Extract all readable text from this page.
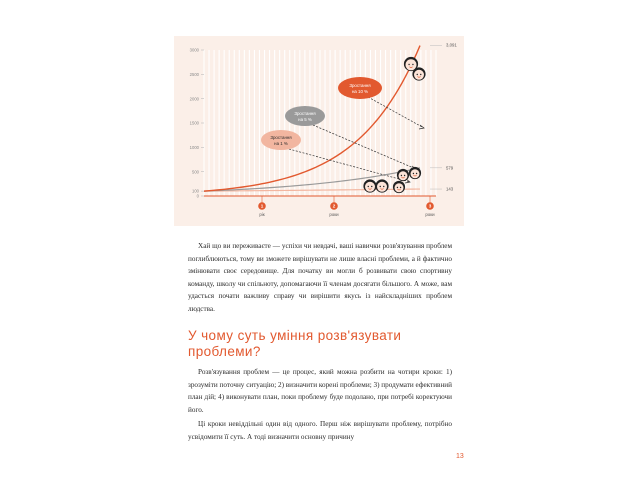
0
100
500
1000
1500
2000
2500
3000
Зростання
на 10 %
Зростання
на 5 %
Зростання
на 1 %
1
рік
2
роки
3
роки
3,091
579
143

Хай що ви переживаєте — успіхи чи невдачі, ваші навички розв'язування проблем поглиблюються, тому ви зможете вирішувати не лише власні проблеми, а й фактично змінювати своє середовище. Для початку ви могли б розвивати свою спортивну команду, школу чи спільноту, допомагаючи її членам досягати більшого. А може, вам удасться почати важливу справу чи вирішити якусь із найскладніших проблем людства.

У чому суть уміння розв'язувати проблеми?

Розв'язування проблем — це процес, який можна розбити на чотири кроки: 1) зрозуміти поточну ситуацію; 2) визначити корені проблеми; 3) продумати ефективний план дій; 4) виконувати план, поки проблему буде подолано, при потребі коректуючи його.

Ці кроки невіддільні один від одного. Перш ніж вирішувати проблему, потрібно усвідомити її суть. А тоді визначити основну причину

13
